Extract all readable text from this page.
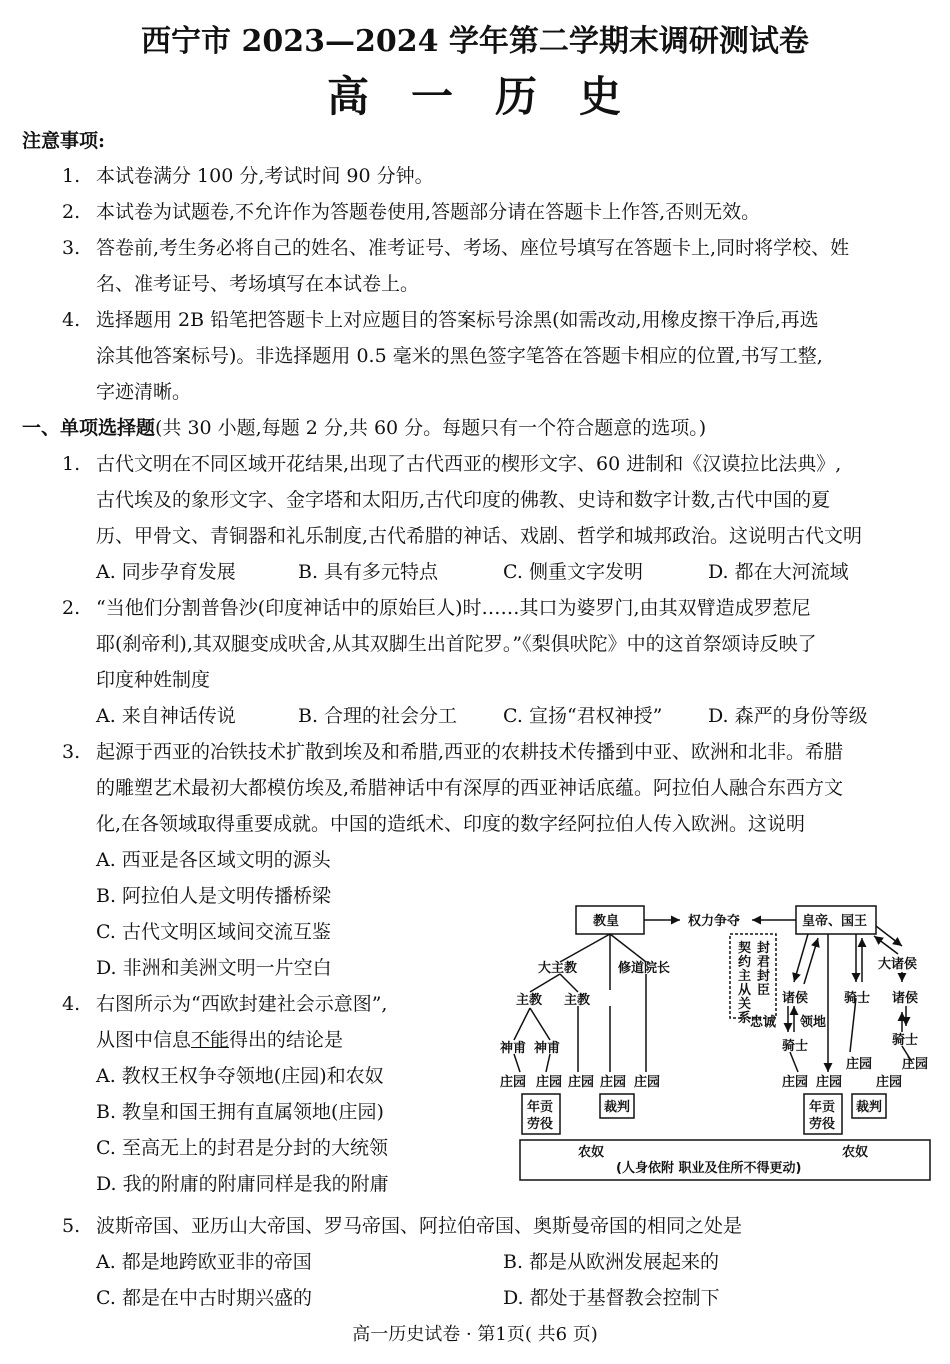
西宁市 2023—2024 学年第二学期末调研测试卷
高一历史
注意事项:
1. 本试卷满分 100 分,考试时间 90 分钟。
2. 本试卷为试题卷,不允许作为答题卷使用,答题部分请在答题卡上作答,否则无效。
3. 答卷前,考生务必将自己的姓名、准考证号、考场、座位号填写在答题卡上,同时将学校、姓
名、准考证号、考场填写在本试卷上。
4. 选择题用 2B 铅笔把答题卡上对应题目的答案标号涂黑(如需改动,用橡皮擦干净后,再选
涂其他答案标号)。非选择题用 0.5 毫米的黑色签字笔答在答题卡相应的位置,书写工整,
字迹清晰。
一、单项选择题(共 30 小题,每题 2 分,共 60 分。每题只有一个符合题意的选项。)
1. 古代文明在不同区域开花结果,出现了古代西亚的楔形文字、60 进制和《汉谟拉比法典》,
古代埃及的象形文字、金字塔和太阳历,古代印度的佛教、史诗和数字计数,古代中国的夏
历、甲骨文、青铜器和礼乐制度,古代希腊的神话、戏剧、哲学和城邦政治。这说明古代文明
A. 同步孕育发展	B. 具有多元特点	C. 侧重文字发明	D. 都在大河流域
2. “当他们分割普鲁沙(印度神话中的原始巨人)时……其口为婆罗门,由其双臂造成罗惹尼
耶(刹帝利),其双腿变成吠舍,从其双脚生出首陀罗。”《梨俱吠陀》中的这首祭颂诗反映了
印度种姓制度
A. 来自神话传说	B. 合理的社会分工 C. 宣扬“君权神授” D. 森严的身份等级
3. 起源于西亚的冶铁技术扩散到埃及和希腊,西亚的农耕技术传播到中亚、欧洲和北非。希腊
的雕塑艺术最初大都模仿埃及,希腊神话中有深厚的西亚神话底蕴。阿拉伯人融合东西方文
化,在各领域取得重要成就。中国的造纸术、印度的数字经阿拉伯人传入欧洲。这说明
A. 西亚是各区域文明的源头
B. 阿拉伯人是文明传播桥梁
C. 古代文明区域间交流互鉴
D. 非洲和美洲文明一片空白
4. 右图所示为“西欧封建社会示意图”,
从图中信息不能得出的结论是
A. 教权王权争夺领地(庄园)和农奴
B. 教皇和国王拥有直属领地(庄园)
C. 至高无上的封君是分封的大统领
D. 我的附庸的附庸同样是我的附庸
教皇	权力争夺	皇帝、国王
契
约
主
从
关
系
封
君
封
臣
大主教	修道院长
主教 主教
神甫 神甫
庄园 庄园 庄园 庄园 庄园
大诸侯
诸侯	骑士 诸侯
忠诚 领地
骑士	骑士
庄园 庄园
庄园 庄园	庄园
年贡
劳役
裁判	年贡
劳役
裁判
农奴	农奴
(人身依附 职业及住所不得更动)
5. 波斯帝国、亚历山大帝国、罗马帝国、阿拉伯帝国、奥斯曼帝国的相同之处是
A. 都是地跨欧亚非的帝国	B. 都是从欧洲发展起来的
C. 都是在中古时期兴盛的	D. 都处于基督教会控制下
高一历史试卷 · 第1页( 共6 页)
